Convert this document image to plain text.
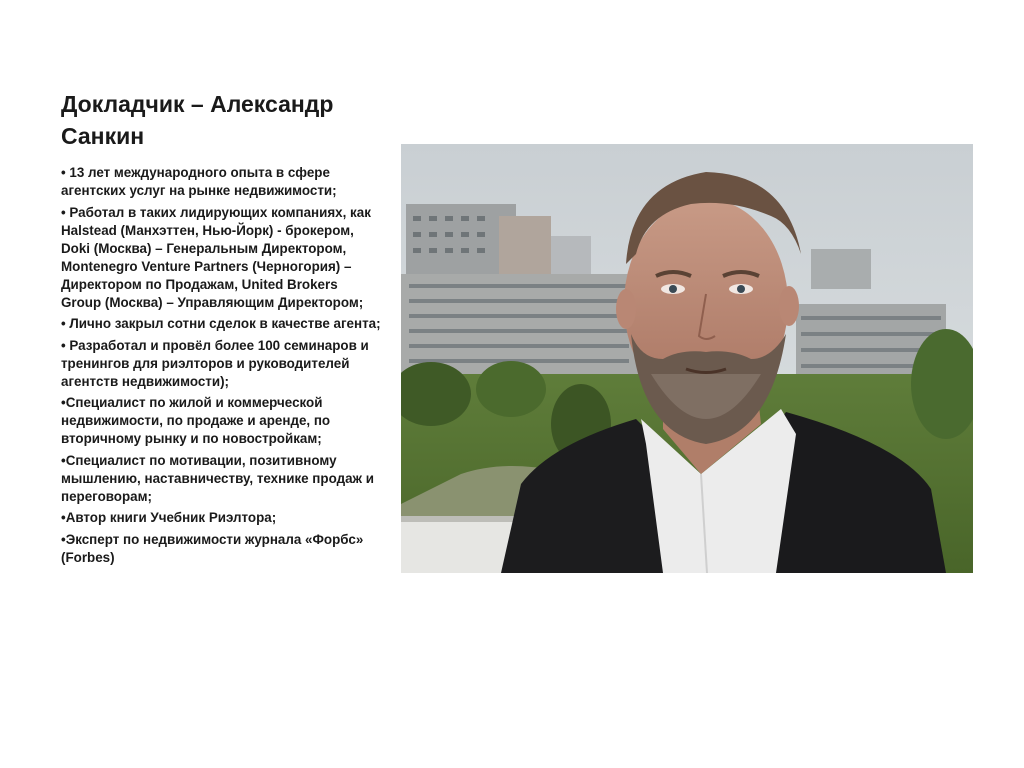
Докладчик – Александр Санкин
• 13 лет международного опыта в сфере агентских услуг на рынке недвижимости;
• Работал в таких лидирующих компаниях, как Halstead (Манхэттен, Нью-Йорк) - брокером, Doki (Москва) – Генеральным Директором, Montenegro Venture Partners (Черногория) – Директором по Продажам, United Brokers Group (Москва) – Управляющим Директором;
• Лично закрыл сотни сделок в качестве агента;
• Разработал и провёл более 100 семинаров и тренингов для риэлторов и руководителей агентств недвижимости);
•Специалист по жилой и коммерческой недвижимости, по продаже и аренде, по вторичному рынку и по новостройкам;
•Специалист по мотивации, позитивному мышлению, наставничеству, технике продаж и переговорам;
•Автор книги Учебник Риэлтора;
•Эксперт по недвижимости журнала «Форбс» (Forbes)
